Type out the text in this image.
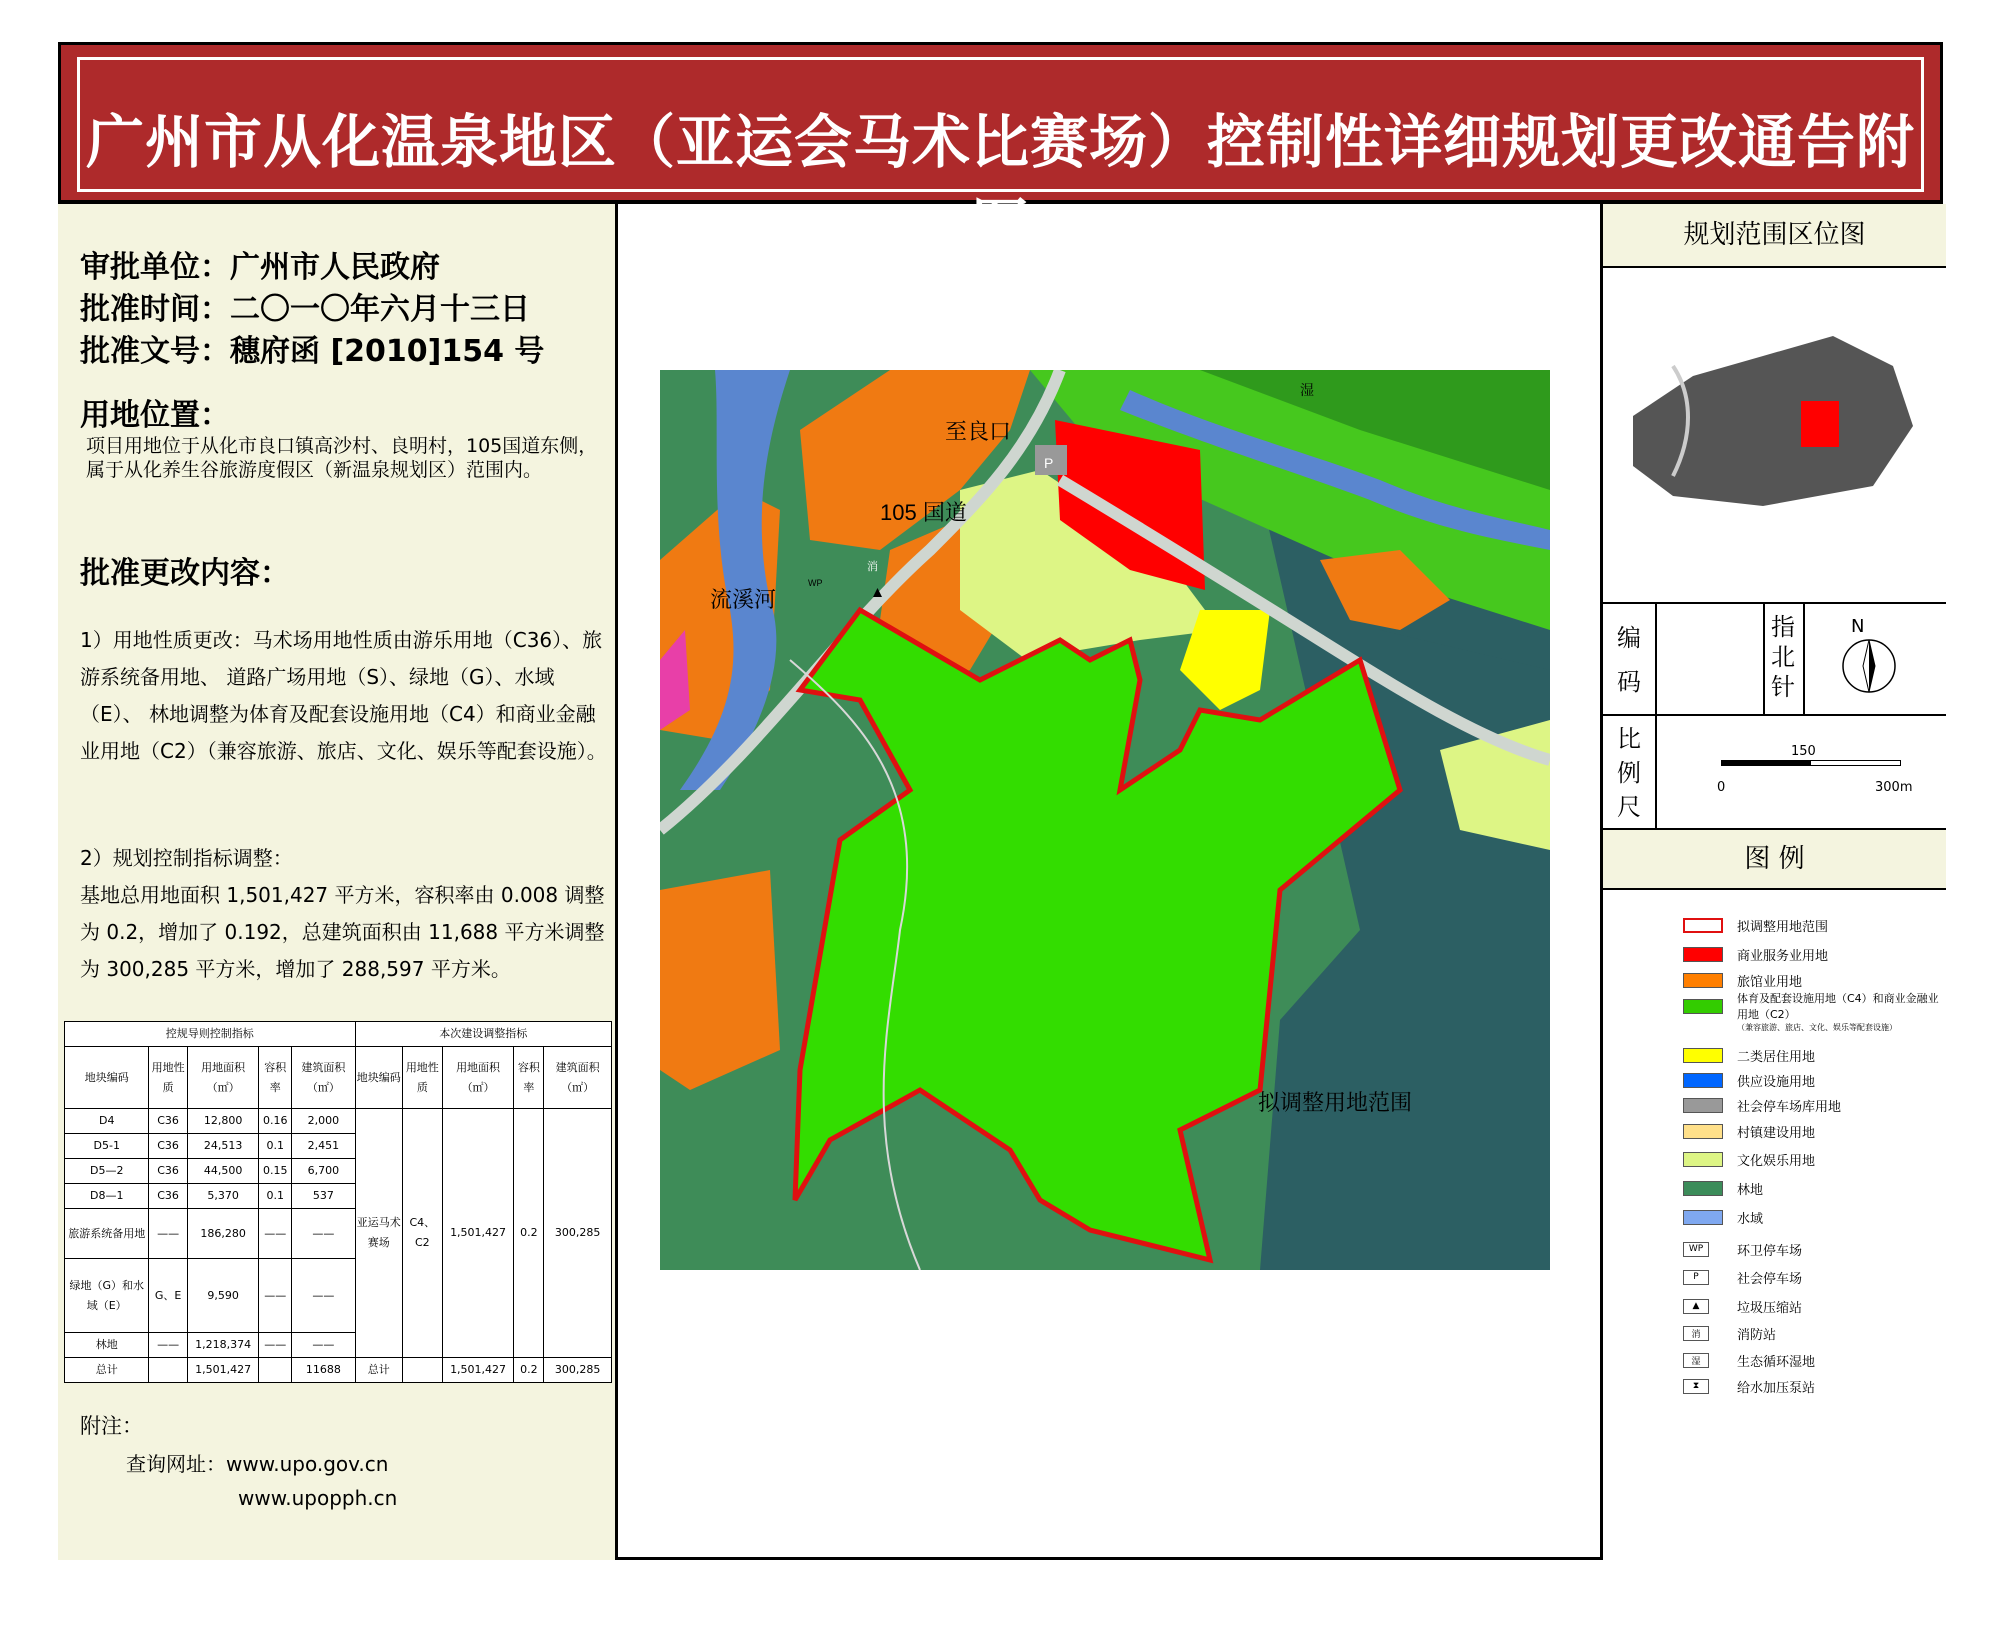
广州市从化温泉地区（亚运会马术比赛场）控制性详细规划更改通告附图
审批单位：广州市人民政府
批准时间：二〇一〇年六月十三日
批准文号：穗府函 [2010]154 号
用地位置：
项目用地位于从化市良口镇高沙村、良明村，105国道东侧，属于从化养生谷旅游度假区（新温泉规划区）范围内。
批准更改内容：
1）用地性质更改：马术场用地性质由游乐用地（C36）、旅游系统备用地、 道路广场用地（S）、绿地（G）、水域（E）、 林地调整为体育及配套设施用地（C4）和商业金融业用地（C2）（兼容旅游、旅店、文化、娱乐等配套设施）。
2）规划控制指标调整：
基地总用地面积 1,501,427 平方米，容积率由 0.008 调整为 0.2，增加了 0.192，总建筑面积由 11,688 平方米调整为 300,285 平方米，增加了 288,597 平方米。
控规导则控制指标					本次建设调整指标				
地块编码	用地性质	用地面积（㎡）	容积率	建筑面积（㎡）	地块编码	用地性质	用地面积（㎡）	容积率	建筑面积（㎡）
D4	C36	12,800	0.16	2,000	亚运马术赛场	C4、C2	1,501,427	0.2	300,285
D5-1	C36	24,513	0.1	2,451					
D5—2	C36	44,500	0.15	6,700					
D8—1	C36	5,370	0.1	537					
旅游系统备用地	——	186,280	——	——					
绿地（G）和水域（E）	G、E	9,590	——	——					
林地	——	1,218,374	——	——					
总计		1,501,427		11688	总计		1,501,427	0.2	300,285
附注：
查询网址：www.upo.gov.cn
www.upopph.cn
至良口
105 国道
流溪河
拟调整用地范围
湿
消
WP
P
规划范围区位图
编码
指北针
N
比例尺
150
0	300m
图 例
拟调整用地范围
商业服务业用地
旅馆业用地
体育及配套设施用地（C4）和商业金融业用地（C2）
（兼容旅游、旅店、文化、娱乐等配套设施）
二类居住用地
供应设施用地
社会停车场库用地
村镇建设用地
文化娱乐用地
林地
水域
WP	环卫停车场
P	社会停车场
▲	垃圾压缩站
消	消防站
湿	生态循环湿地
⧗	给水加压泵站
